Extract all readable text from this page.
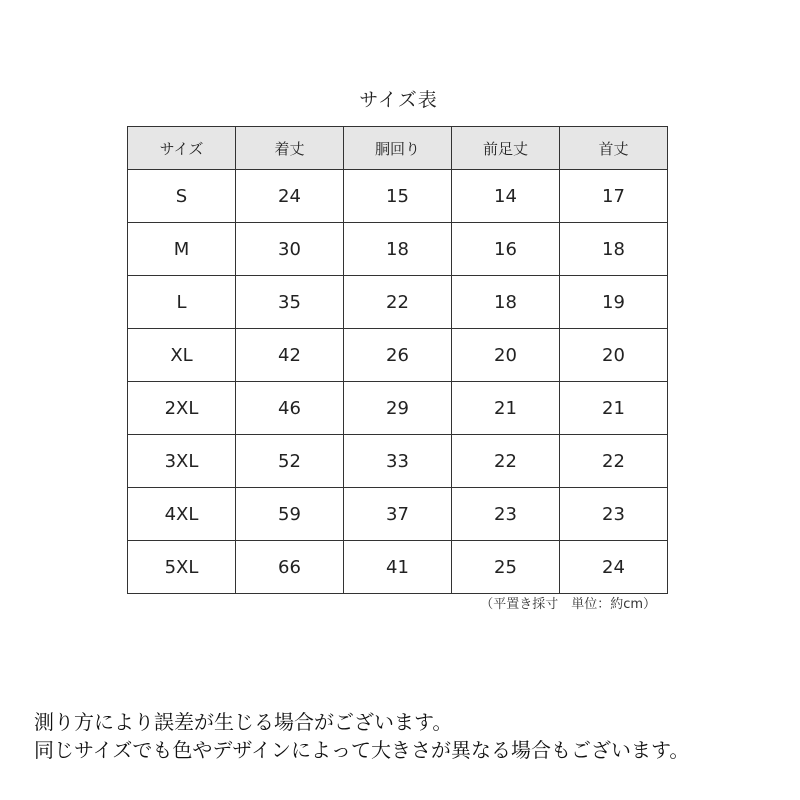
サイズ表
サイズ	着丈	胴回り	前足丈	首丈
S	24	15	14	17
M	30	18	16	18
L	35	22	18	19
XL	42	26	20	20
2XL	46	29	21	21
3XL	52	33	22	22
4XL	59	37	23	23
5XL	66	41	25	24
（平置き採寸　単位：約cm）
測り方により誤差が生じる場合がございます。
同じサイズでも色やデザインによって大きさが異なる場合もございます。
